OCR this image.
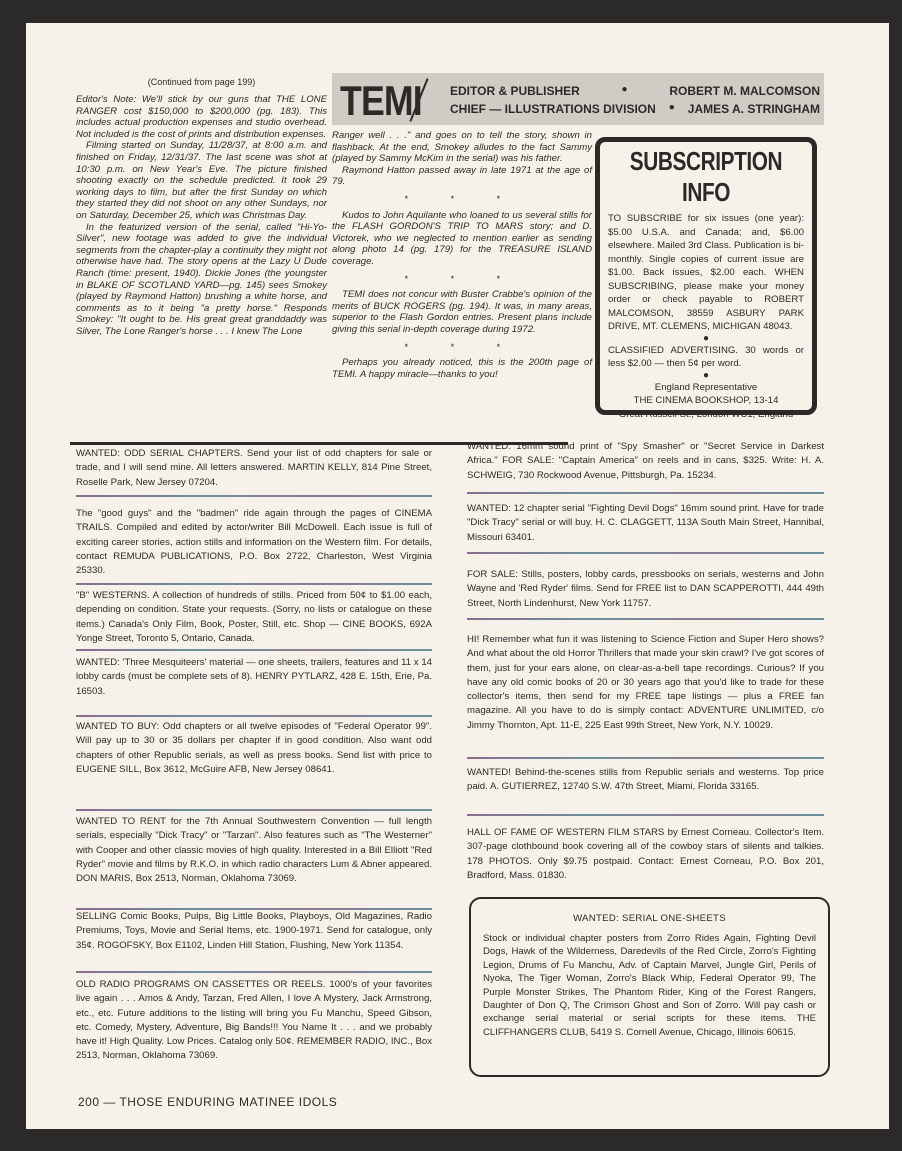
(Continued from page 199)

Editor's Note: We'll stick by our guns that THE LONE RANGER cost $150,000 to $200,000 (pg. 183). This includes actual production expenses and studio overhead. Not included is the cost of prints and distribution expenses.

Filming started on Sunday, 11/28/37, at 8:00 a.m. and finished on Friday, 12/31/37. The last scene was shot at 10:30 p.m. on New Year's Eve. The picture finished shooting exactly on the schedule predicted. It took 29 working days to film, but after the first Sunday on which they started they did not shoot on any other Sundays, nor on Saturday, December 25, which was Christmas Day.

In the featurized version of the serial, called "Hi-Yo-Silver", new footage was added to give the individual segments from the chapter-play a continuity they might not otherwise have had. The story opens at the Lazy U Dude Ranch (time: present, 1940). Dickie Jones (the youngster in BLAKE OF SCOTLAND YARD—pg. 145) sees Smokey (played by Raymond Hatton) brushing a white horse, and comments as to it being "a pretty horse." Responds Smokey: "It ought to be. His great great granddaddy was Silver, The Lone Ranger's horse . . . I knew The Lone

TEMI EDITOR & PUBLISHER	●	ROBERT M. MALCOMSON
CHIEF — ILLUSTRATIONS DIVISION ● JAMES A. STRINGHAM

Ranger well . . ." and goes on to tell the story, shown in flashback. At the end, Smokey alludes to the fact Sammy (played by Sammy McKim in the serial) was his father.

Raymond Hatton passed away in late 1971 at the age of 79.

* * *

Kudos to John Aquilante who loaned to us several stills for the FLASH GORDON'S TRIP TO MARS story; and D. Victorek, who we neglected to mention earlier as sending along photo 14 (pg. 179) for the TREASURE ISLAND coverage.

* * *

TEMI does not concur with Buster Crabbe's opinion of the merits of BUCK ROGERS (pg. 194). It was, in many areas, superior to the Flash Gordon entries. Present plans include giving this serial in-depth coverage during 1972.

* * *

Perhaps you already noticed, this is the 200th page of TEMI. A happy miracle—thanks to you!

SUBSCRIPTION INFO
TO SUBSCRIBE for six issues (one year): $5.00 U.S.A. and Canada; and, $6.00 elsewhere. Mailed 3rd Class. Publication is bi-monthly. Single copies of current issue are $1.00. Back issues, $2.00 each. WHEN SUBSCRIBING, please make your money order or check payable to ROBERT MALCOMSON, 38559 ASBURY PARK DRIVE, MT. CLEMENS, MICHIGAN 48043.
●
CLASSIFIED ADVERTISING. 30 words or less $2.00 — then 5¢ per word.
●
England Representative
THE CINEMA BOOKSHOP, 13-14
Great Russell St., London WC1, England
WANTED: ODD SERIAL CHAPTERS. Send your list of odd chapters for sale or trade, and I will send mine. All letters answered. MARTIN KELLY, 814 Pine Street, Roselle Park, New Jersey 07204.
The "good guys" and the "badmen" ride again through the pages of CINEMA TRAILS. Compiled and edited by actor/writer Bill McDowell. Each issue is full of exciting career stories, action stills and information on the Western film. For details, contact REMUDA PUBLICATIONS, P.O. Box 2722, Charleston, West Virginia 25330.
"B" WESTERNS. A collection of hundreds of stills. Priced from 50¢ to $1.00 each, depending on condition. State your requests. (Sorry, no lists or catalogue on these items.) Canada's Only Film, Book, Poster, Still, etc. Shop — CINE BOOKS, 692A Yonge Street, Toronto 5, Ontario, Canada.
WANTED: 'Three Mesquiteers' material — one sheets, trailers, features and 11 x 14 lobby cards (must be complete sets of 8). HENRY PYTLARZ, 428 E. 15th, Erie, Pa. 16503.
WANTED TO BUY: Odd chapters or all twelve episodes of "Federal Operator 99". Will pay up to 30 or 35 dollars per chapter if in good condition. Also want odd chapters of other Republic serials, as well as press books. Send list with price to EUGENE SILL, Box 3612, McGuire AFB, New Jersey 08641.
WANTED TO RENT for the 7th Annual Southwestern Convention — full length serials, especially "Dick Tracy" or "Tarzan". Also features such as "The Westerner" with Cooper and other classic movies of high quality. Interested in a Bill Elliott "Red Ryder" movie and films by R.K.O. in which radio characters Lum & Abner appeared. DON MARIS, Box 2513, Norman, Oklahoma 73069.
SELLING Comic Books, Pulps, Big Little Books, Playboys, Old Magazines, Radio Premiums, Toys, Movie and Serial Items, etc. 1900-1971. Send for catalogue, only 35¢. ROGOFSKY, Box E1102, Linden Hill Station, Flushing, New York 11354.
OLD RADIO PROGRAMS ON CASSETTES OR REELS. 1000's of your favorites live again . . . Amos & Andy, Tarzan, Fred Allen, I love A Mystery, Jack Armstrong, etc., etc. Future additions to the listing will bring you Fu Manchu, Speed Gibson, etc. Comedy, Mystery, Adventure, Big Bands!!! You Name It . . . and we probably have it! High Quality. Low Prices. Catalog only 50¢. REMEMBER RADIO, INC., Box 2513, Norman, Oklahoma 73069.
WANTED: 16mm sound print of "Spy Smasher" or "Secret Service in Darkest Africa." FOR SALE: "Captain America" on reels and in cans, $325. Write: H. A. SCHWEIG, 730 Rockwood Avenue, Pittsburgh, Pa. 15234.
WANTED: 12 chapter serial "Fighting Devil Dogs" 16mm sound print. Have for trade "Dick Tracy" serial or will buy. H. C. CLAGGETT, 113A South Main Street, Hannibal, Missouri 63401.
FOR SALE: Stills, posters, lobby cards, pressbooks on serials, westerns and John Wayne and 'Red Ryder' films. Send for FREE list to DAN SCAPPEROTTI, 444 49th Street, North Lindenhurst, New York 11757.
HI! Remember what fun it was listening to Science Fiction and Super Hero shows? And what about the old Horror Thrillers that made your skin crawl? I've got scores of them, just for your ears alone, on clear-as-a-bell tape recordings. Curious? If you have any old comic books of 20 or 30 years ago that you'd like to trade for these collector's items, then send for my FREE tape listings — plus a FREE fan magazine. All you have to do is simply contact: ADVENTURE UNLIMITED, c/o Jimmy Thornton, Apt. 11-E, 225 East 99th Street, New York, N.Y. 10029.
WANTED! Behind-the-scenes stills from Republic serials and westerns. Top price paid. A. GUTIERREZ, 12740 S.W. 47th Street, Miami, Florida 33165.
HALL OF FAME OF WESTERN FILM STARS by Ernest Corneau. Collector's Item. 307-page clothbound book covering all of the cowboy stars of silents and talkies. 178 PHOTOS. Only $9.75 postpaid. Contact: Ernest Corneau, P.O. Box 201, Bradford, Mass. 01830.
WANTED: SERIAL ONE-SHEETS
Stock or individual chapter posters from Zorro Rides Again, Fighting Devil Dogs, Hawk of the Wilderness, Daredevils of the Red Circle, Zorro's Fighting Legion, Drums of Fu Manchu, Adv. of Captain Marvel, Jungle Girl, Perils of Nyoka, The Tiger Woman, Zorro's Black Whip, Federal Operator 99, The Purple Monster Strikes, The Phantom Rider, King of the Forest Rangers, Daughter of Don Q, The Crimson Ghost and Son of Zorro. Will pay cash or exchange serial material or serial scripts for these items. THE CLIFFHANGERS CLUB, 5419 S. Cornell Avenue, Chicago, Illinois 60615.
200 — THOSE ENDURING MATINEE IDOLS
